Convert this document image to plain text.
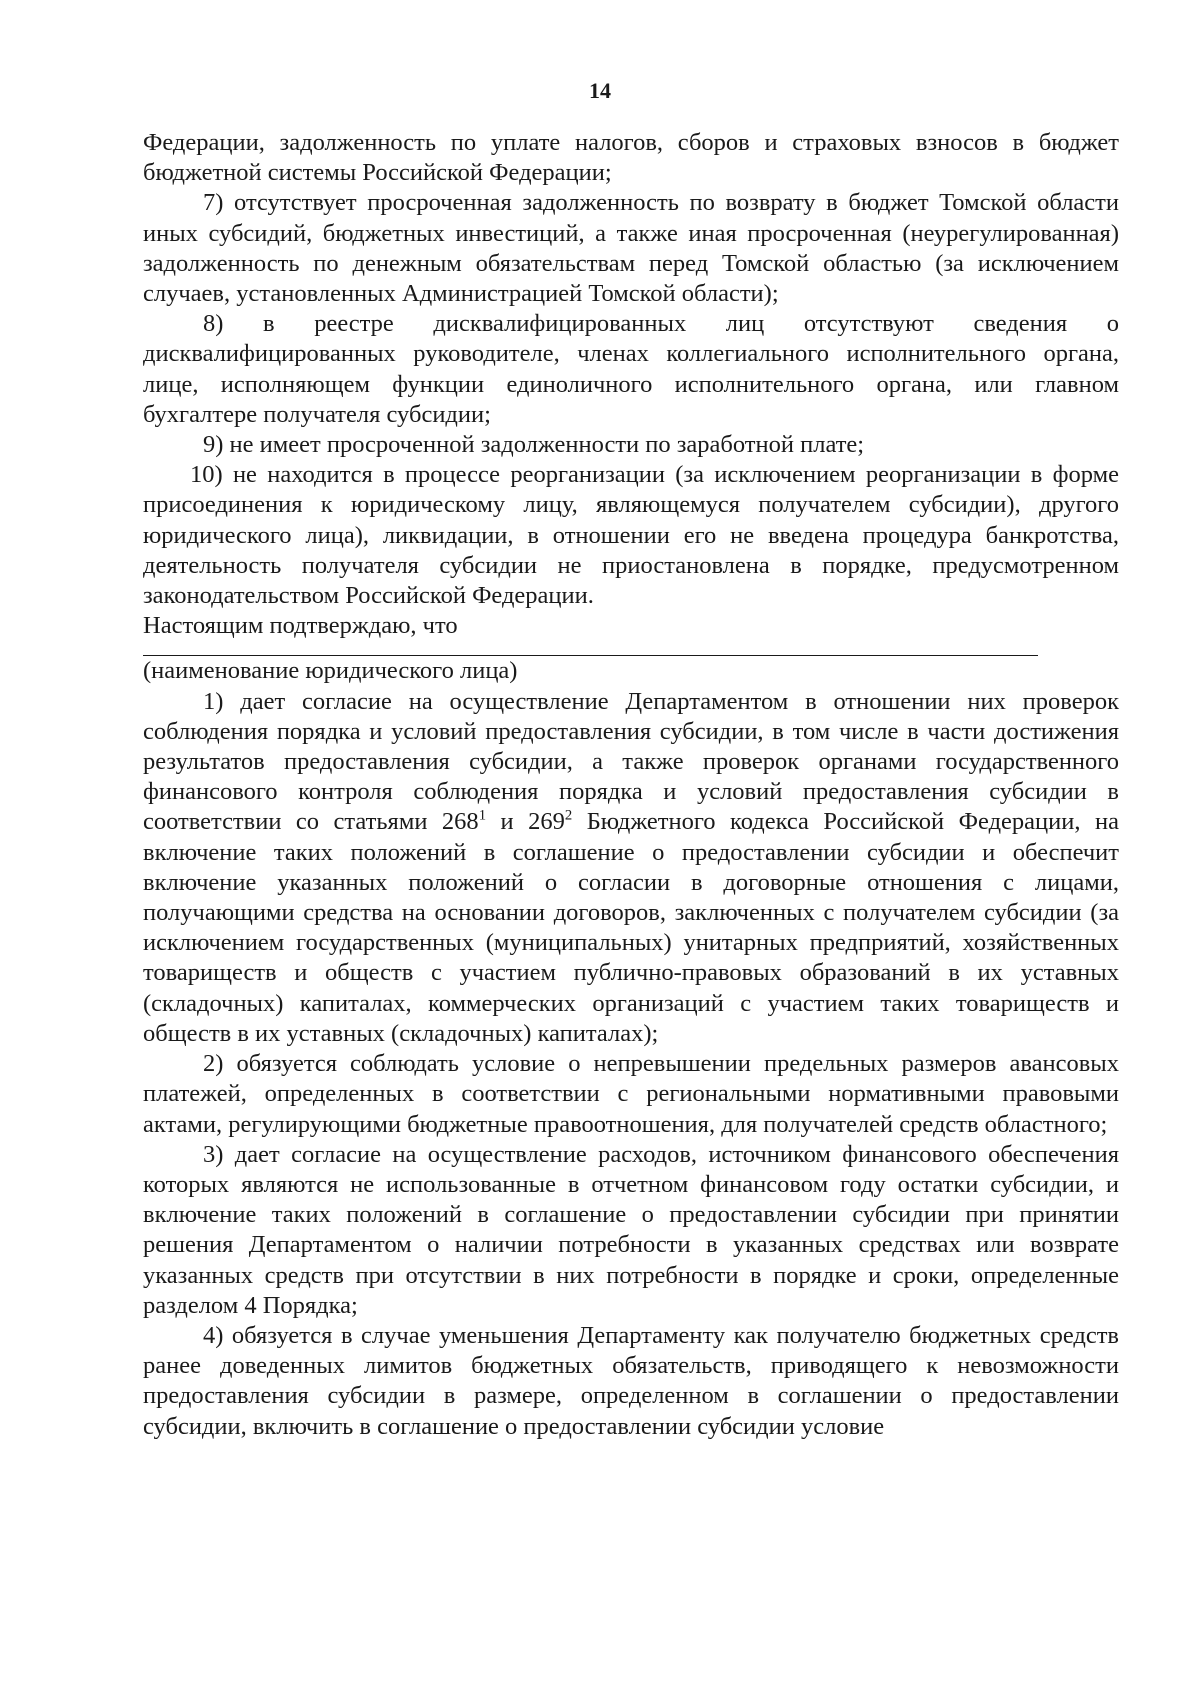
14

Федерации, задолженность по уплате налогов, сборов и страховых взносов в бюджет бюджетной системы Российской Федерации;

7) отсутствует просроченная задолженность по возврату в бюджет Томской области иных субсидий, бюджетных инвестиций, а также иная просроченная (неурегулированная) задолженность по денежным обязательствам перед Томской областью (за исключением случаев, установленных Администрацией Томской области);

8) в реестре дисквалифицированных лиц отсутствуют сведения о дисквалифицированных руководителе, членах коллегиального исполнительного органа, лице, исполняющем функции единоличного исполнительного органа, или главном бухгалтере получателя субсидии;

9) не имеет просроченной задолженности по заработной плате;

10) не находится в процессе реорганизации (за исключением реорганизации в форме присоединения к юридическому лицу, являющемуся получателем субсидии), другого юридического лица), ликвидации, в отношении его не введена процедура банкротства, деятельность получателя субсидии не приостановлена в порядке, предусмотренном законодательством Российской Федерации.

Настоящим подтверждаю, что

(наименование юридического лица)

1) дает согласие на осуществление Департаментом в отношении них проверок соблюдения порядка и условий предоставления субсидии, в том числе в части достижения результатов предоставления субсидии, а также проверок органами государственного финансового контроля соблюдения порядка и условий предоставления субсидии в соответствии со статьями $268^1$ и $269^2$ Бюджетного кодекса Российской Федерации, на включение таких положений в соглашение о предоставлении субсидии и обеспечит включение указанных положений о согласии в договорные отношения с лицами, получающими средства на основании договоров, заключенных с получателем субсидии (за исключением государственных (муниципальных) унитарных предприятий, хозяйственных товариществ и обществ с участием публично-правовых образований в их уставных (складочных) капиталах, коммерческих организаций с участием таких товариществ и обществ в их уставных (складочных) капиталах);

2) обязуется соблюдать условие о непревышении предельных размеров авансовых платежей, определенных в соответствии с региональными нормативными правовыми актами, регулирующими бюджетные правоотношения, для получателей средств областного;

3) дает согласие на осуществление расходов, источником финансового обеспечения которых являются не использованные в отчетном финансовом году остатки субсидии, и включение таких положений в соглашение о предоставлении субсидии при принятии решения Департаментом о наличии потребности в указанных средствах или возврате указанных средств при отсутствии в них потребности в порядке и сроки, определенные разделом 4 Порядка;

4) обязуется в случае уменьшения Департаменту как получателю бюджетных средств ранее доведенных лимитов бюджетных обязательств, приводящего к невозможности предоставления субсидии в размере, определенном в соглашении о предоставлении субсидии, включить в соглашение о предоставлении субсидии условие
